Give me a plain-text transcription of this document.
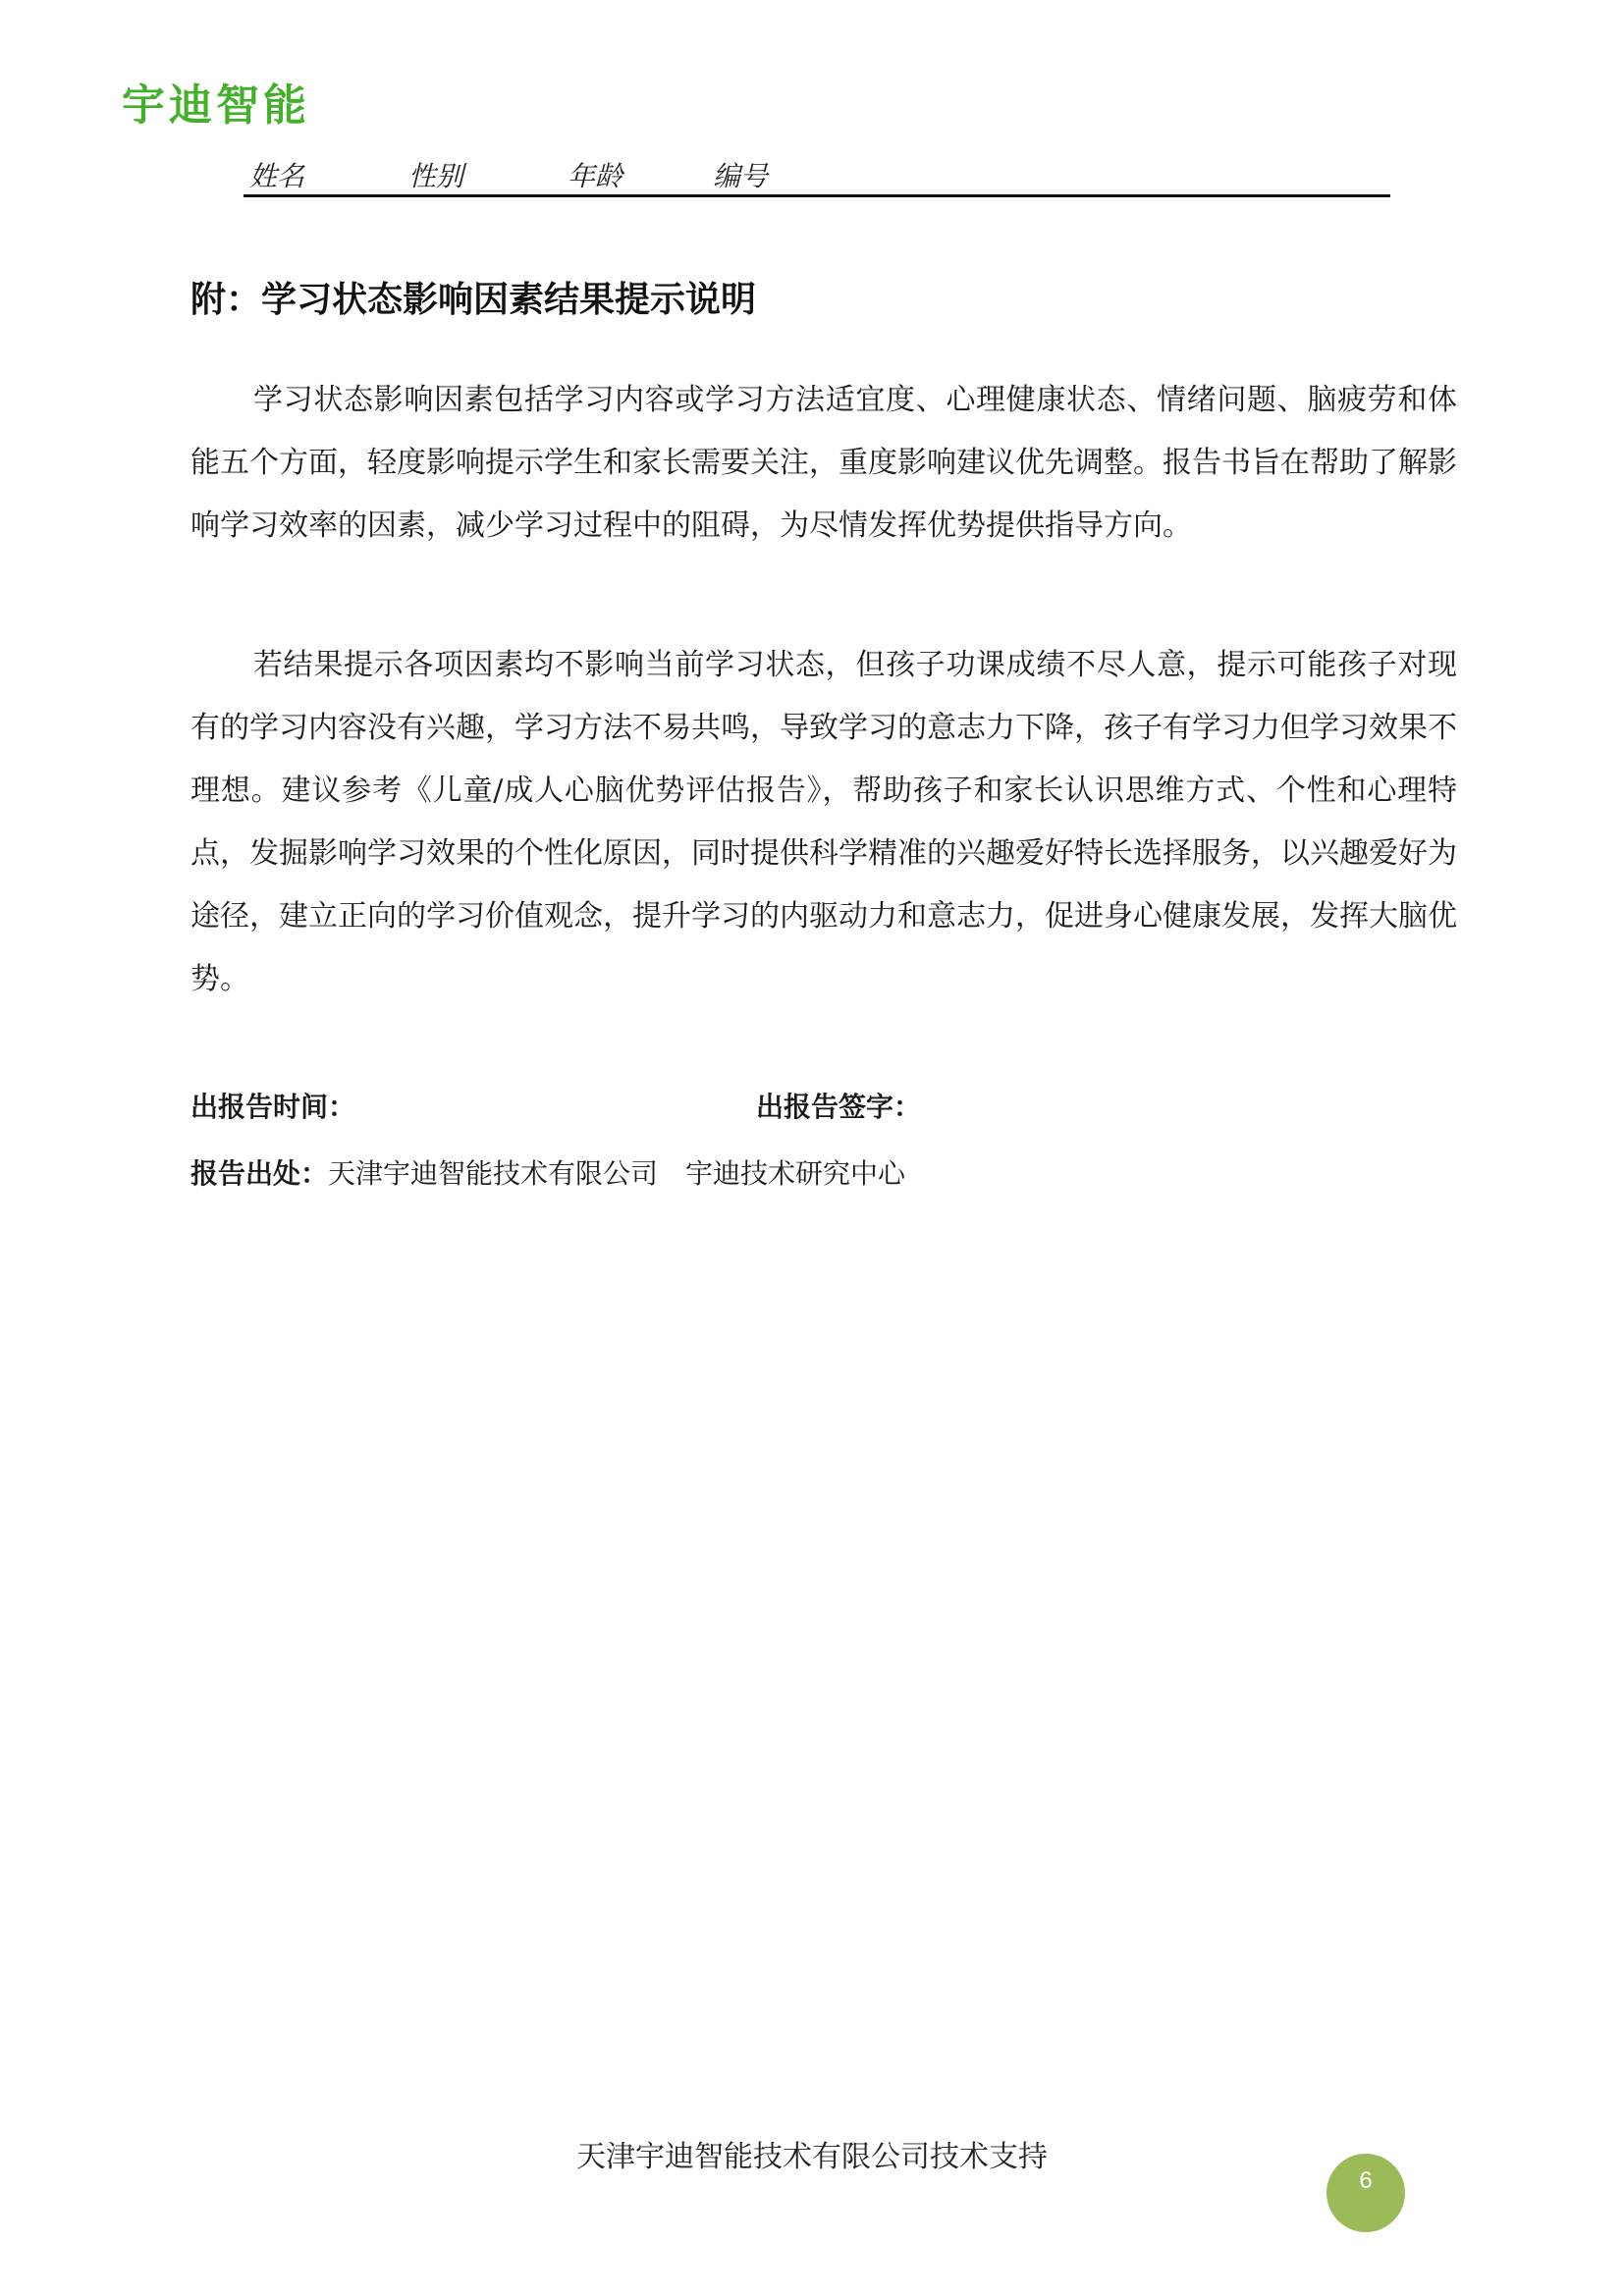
宇迪智能
姓名	性别	年龄	编号
附：学习状态影响因素结果提示说明
学习状态影响因素包括学习内容或学习方法适宜度、心理健康状态、情绪问题、脑疲劳和体能五个方面，轻度影响提示学生和家长需要关注，重度影响建议优先调整。报告书旨在帮助了解影响学习效率的因素，减少学习过程中的阻碍，为尽情发挥优势提供指导方向。
若结果提示各项因素均不影响当前学习状态，但孩子功课成绩不尽人意，提示可能孩子对现有的学习内容没有兴趣，学习方法不易共鸣，导致学习的意志力下降，孩子有学习力但学习效果不理想。建议参考《儿童/成人心脑优势评估报告》，帮助孩子和家长认识思维方式、个性和心理特点，发掘影响学习效果的个性化原因，同时提供科学精准的兴趣爱好特长选择服务，以兴趣爱好为途径，建立正向的学习价值观念，提升学习的内驱动力和意志力，促进身心健康发展，发挥大脑优势。
出报告时间：	出报告签字：
报告出处：天津宇迪智能技术有限公司 宇迪技术研究中心
天津宇迪智能技术有限公司技术支持
6
